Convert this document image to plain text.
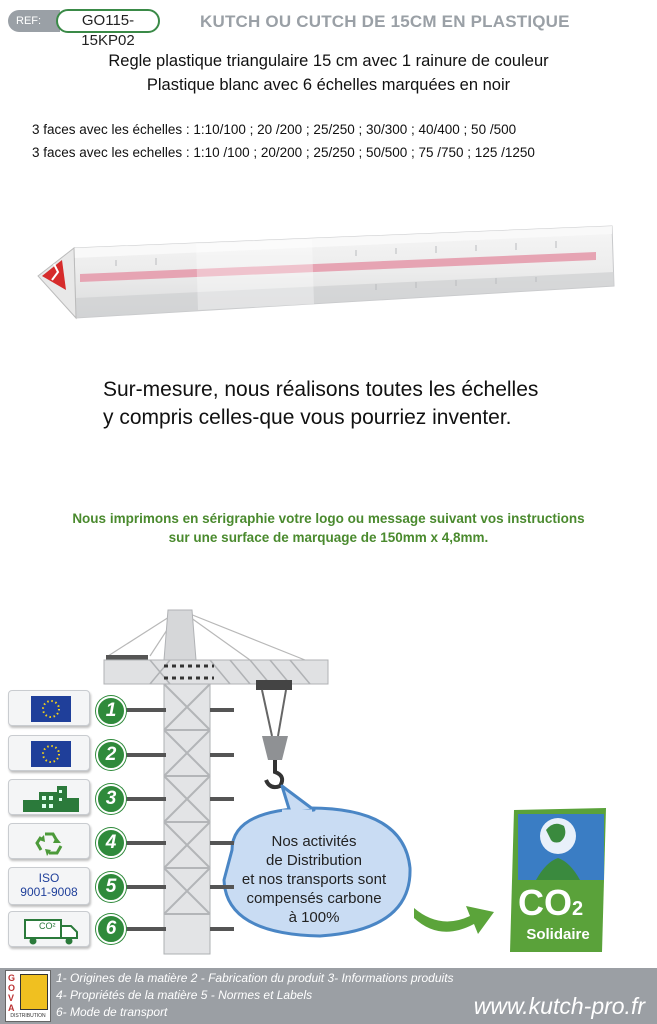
REF:	GO115-15KP02
KUTCH OU CUTCH DE 15CM EN PLASTIQUE
Regle plastique triangulaire 15 cm avec 1 rainure de couleur
Plastique blanc avec 6 échelles marquées en noir
3 faces avec les échelles : 1:10/100 ; 20 /200 ; 25/250 ; 30/300 ; 40/400 ; 50 /500
3 faces avec les echelles : 1:10 /100 ; 20/200 ; 25/250 ; 50/500 ; 75 /750 ; 125 /1250
Sur-mesure, nous réalisons toutes les échelles
y compris celles-que vous pourriez inventer.
Nous imprimons en sérigraphie votre logo ou message suivant vos instructions
sur une surface de marquage de 150mm x 4,8mm.
ISO
9001-9008
CO²
1
2
3
4
5
6
Nos activités
de Distribution
et nos transports sont
compensés carbone
à 100%	CO2
Solidaire
GOVA
DISTRIBUTION
1- Origines de la matière 2 - Fabrication du produit 3- Informations produits
4- Propriétés de la matière 5 - Normes et Labels
6- Mode de transport	www.kutch-pro.fr
